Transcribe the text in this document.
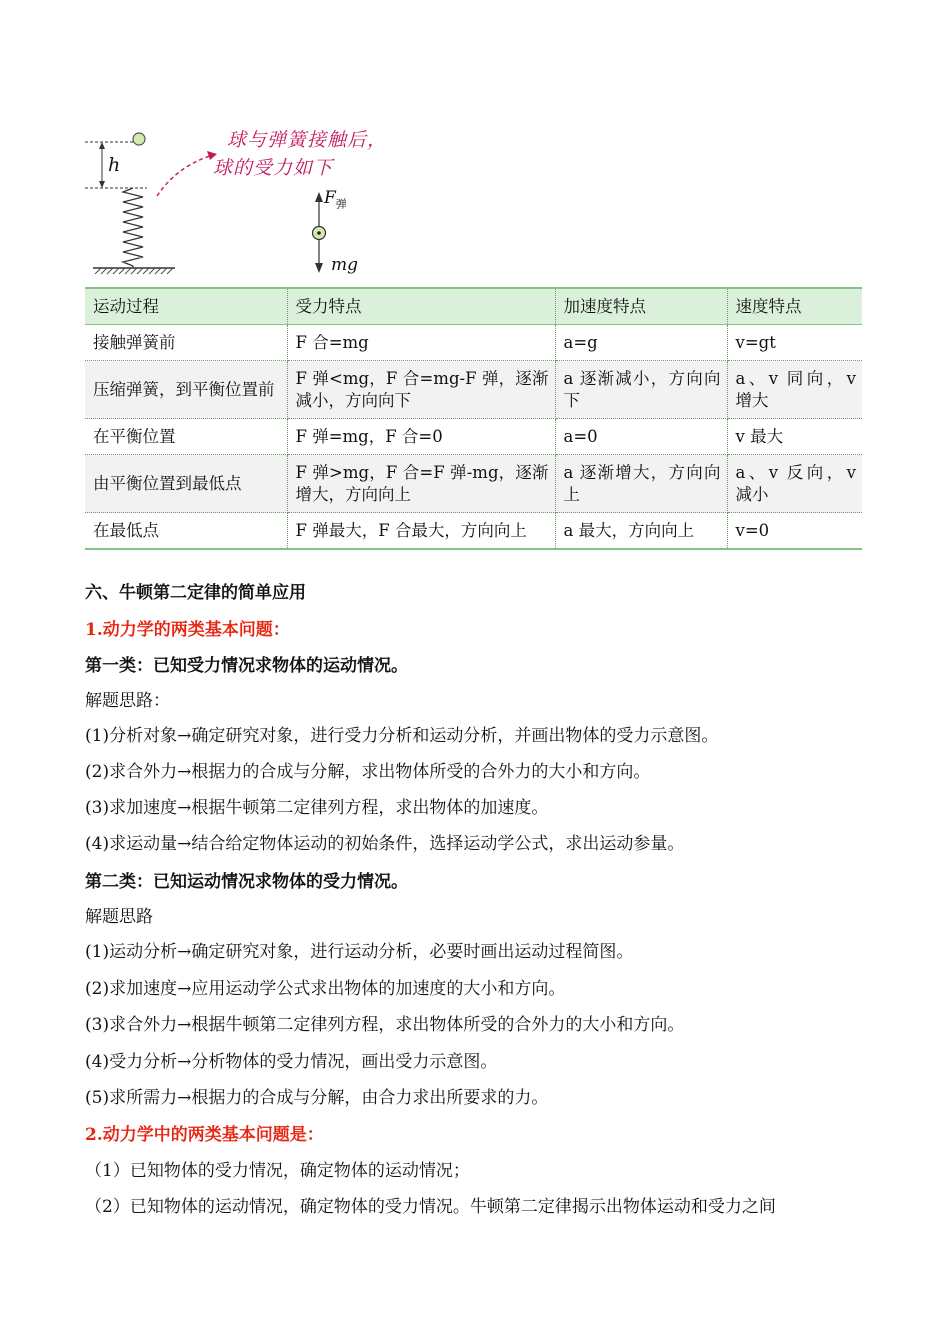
h
球与弹簧接触后，
球的受力如下
$F_弹$
mg
运动过程	受力特点	加速度特点	速度特点
接触弹簧前	F 合=mg	a=g	v=gt
压缩弹簧，到平衡位置前	F 弹<mg，F 合=mg-F 弹，逐渐减小，方向向下	a 逐渐减小，方向向下	a、v 同向，v 增大
在平衡位置	F 弹=mg，F 合=0	a=0	v 最大
由平衡位置到最低点	F 弹>mg，F 合=F 弹-mg，逐渐增大，方向向上	a 逐渐增大，方向向上	a、v 反向，v 减小
在最低点	F 弹最大，F 合最大，方向向上	a 最大，方向向上	v=0
六、牛顿第二定律的简单应用
1.动力学的两类基本问题：
第一类：已知受力情况求物体的运动情况。
解题思路：
(1)分析对象→确定研究对象，进行受力分析和运动分析，并画出物体的受力示意图。
(2)求合外力→根据力的合成与分解，求出物体所受的合外力的大小和方向。
(3)求加速度→根据牛顿第二定律列方程，求出物体的加速度。
(4)求运动量→结合给定物体运动的初始条件，选择运动学公式，求出运动参量。
第二类：已知运动情况求物体的受力情况。
解题思路
(1)运动分析→确定研究对象，进行运动分析，必要时画出运动过程简图。
(2)求加速度→应用运动学公式求出物体的加速度的大小和方向。
(3)求合外力→根据牛顿第二定律列方程，求出物体所受的合外力的大小和方向。
(4)受力分析→分析物体的受力情况，画出受力示意图。
(5)求所需力→根据力的合成与分解，由合力求出所要求的力。
2.动力学中的两类基本问题是：
（1）已知物体的受力情况，确定物体的运动情况；
（2）已知物体的运动情况，确定物体的受力情况。牛顿第二定律揭示出物体运动和受力之间
